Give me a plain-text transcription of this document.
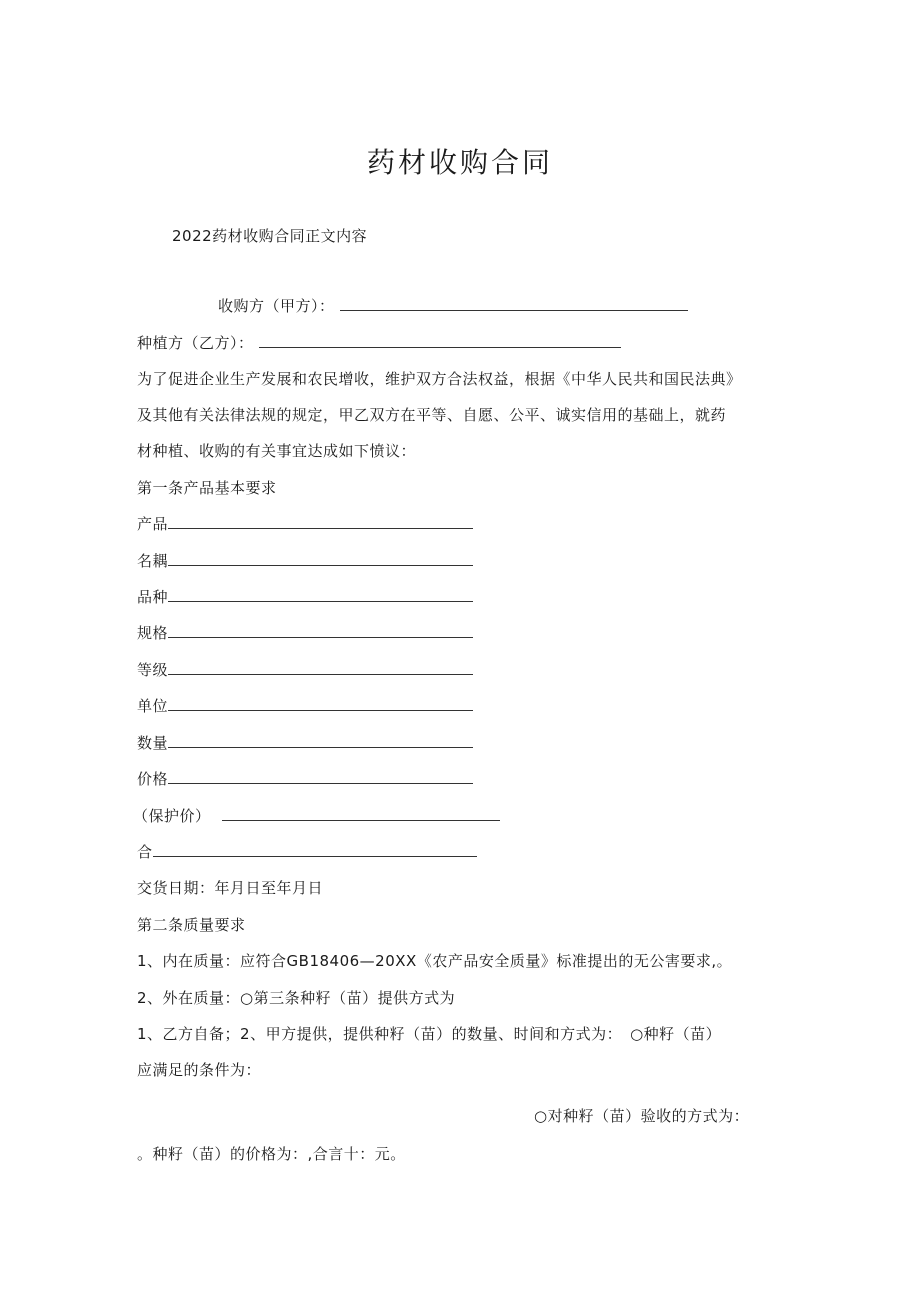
药材收购合同
2022药材收购合同正文内容
收购方（甲方）：
种植方（乙方）：
为了促进企业生产发展和农民增收，维护双方合法权益，根据《中华人民共和国民法典》
及其他有关法律法规的规定，甲乙双方在平等、自愿、公平、诚实信用的基础上，就药
材种植、收购的有关事宜达成如下愤议：
第一条产品基本要求
产品
名耦
品种
规格
等级
单位
数量
价格
（保护价）
合
交货日期：年月日至年月日
第二条质量要求
1、内在质量：应符合GB18406—20XX《农产品安全质量》标准提出的无公害要求,。
2、外在质量：○第三条种籽（苗）提供方式为
1、乙方自备；2、甲方提供，提供种籽（苗）的数量、时间和方式为：　○种籽（苗）
应满足的条件为：
○对种籽（苗）验收的方式为：
。种籽（苗）的价格为：,合言十：元。
